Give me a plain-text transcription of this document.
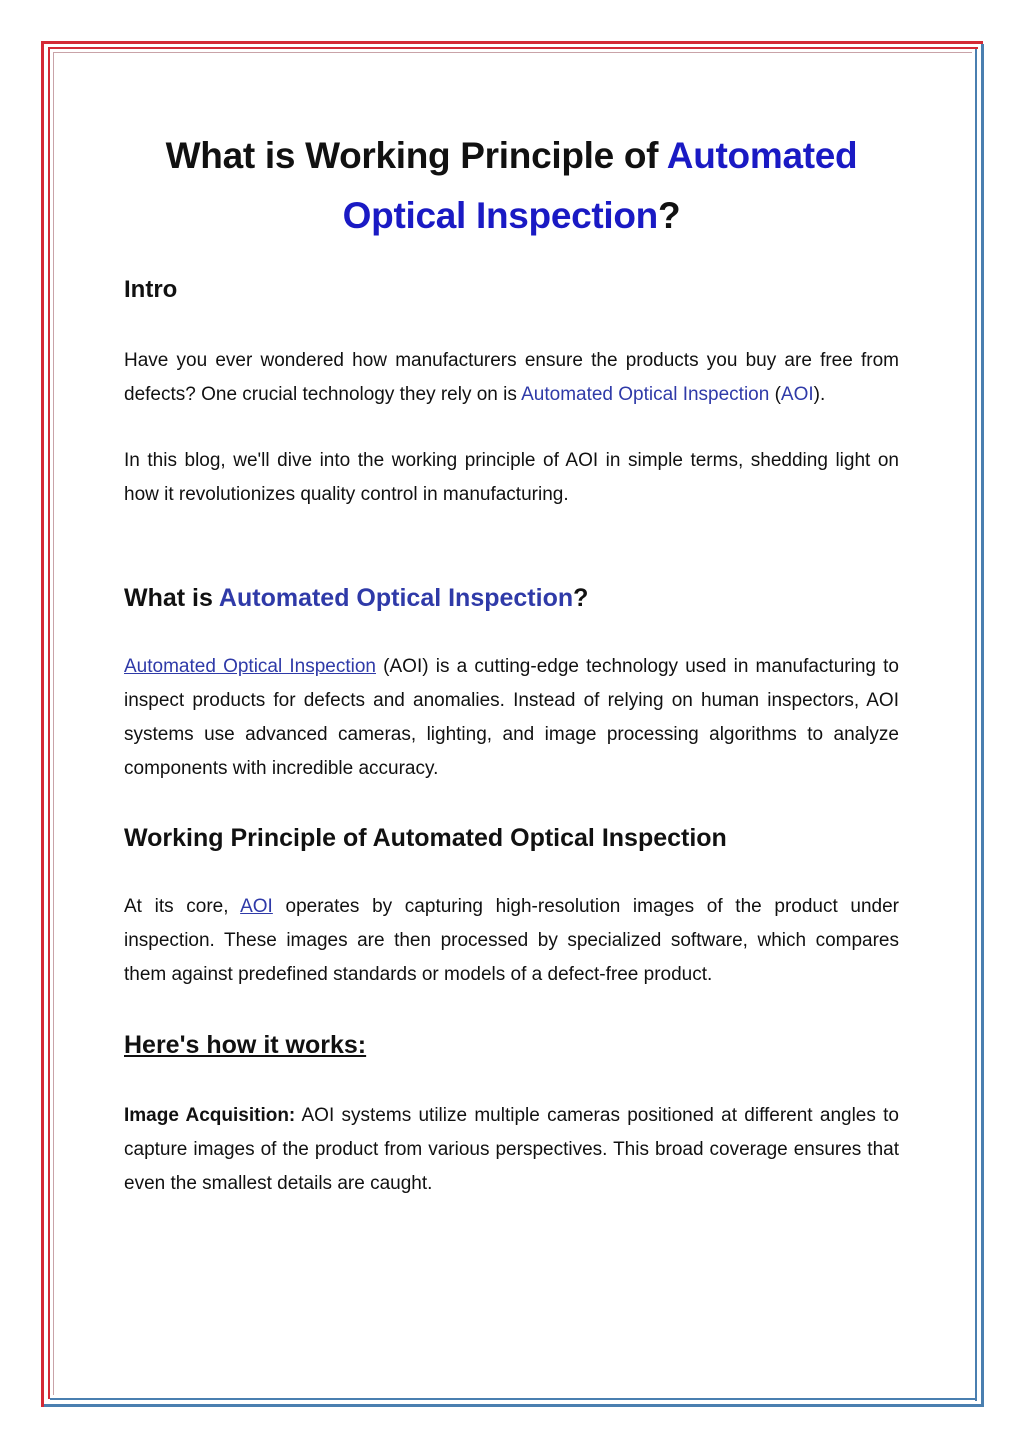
What is Working Principle of Automated
Optical Inspection?
Intro

Have you ever wondered how manufacturers ensure the products you buy are free from defects? One crucial technology they rely on is Automated Optical Inspection (AOI).

In this blog, we'll dive into the working principle of AOI in simple terms, shedding light on how it revolutionizes quality control in manufacturing.

What is Automated Optical Inspection?

Automated Optical Inspection (AOI) is a cutting-edge technology used in manufacturing to inspect products for defects and anomalies. Instead of relying on human inspectors, AOI systems use advanced cameras, lighting, and image processing algorithms to analyze components with incredible accuracy.

Working Principle of Automated Optical Inspection

At its core, AOI operates by capturing high-resolution images of the product under inspection. These images are then processed by specialized software, which compares them against predefined standards or models of a defect-free product.

Here's how it works:

Image Acquisition: AOI systems utilize multiple cameras positioned at different angles to capture images of the product from various perspectives. This broad coverage ensures that even the smallest details are caught.
